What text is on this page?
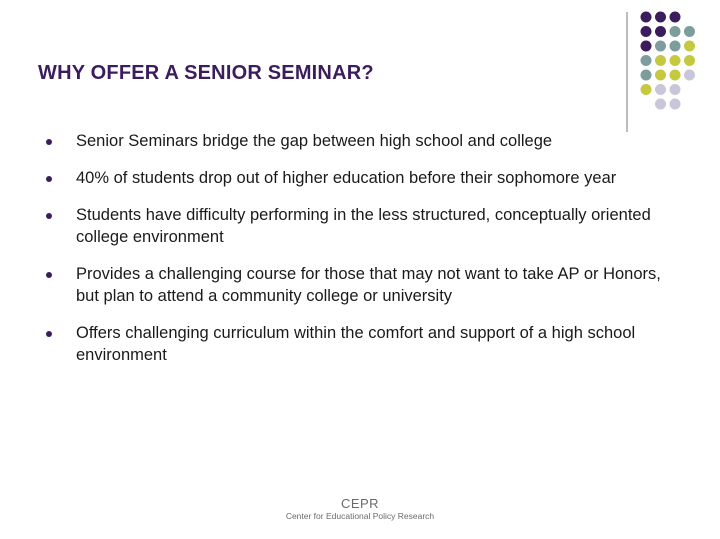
WHY OFFER A SENIOR SEMINAR?
Senior Seminars bridge the gap between high school and college
40% of students drop out of higher education before their sophomore year
Students have difficulty performing in the less structured, conceptually oriented college environment
Provides a challenging course for those that may not want to take AP or Honors, but plan to attend a community college or university
Offers challenging curriculum within the comfort and support of a high school environment
CEPR
Center for Educational Policy Research
